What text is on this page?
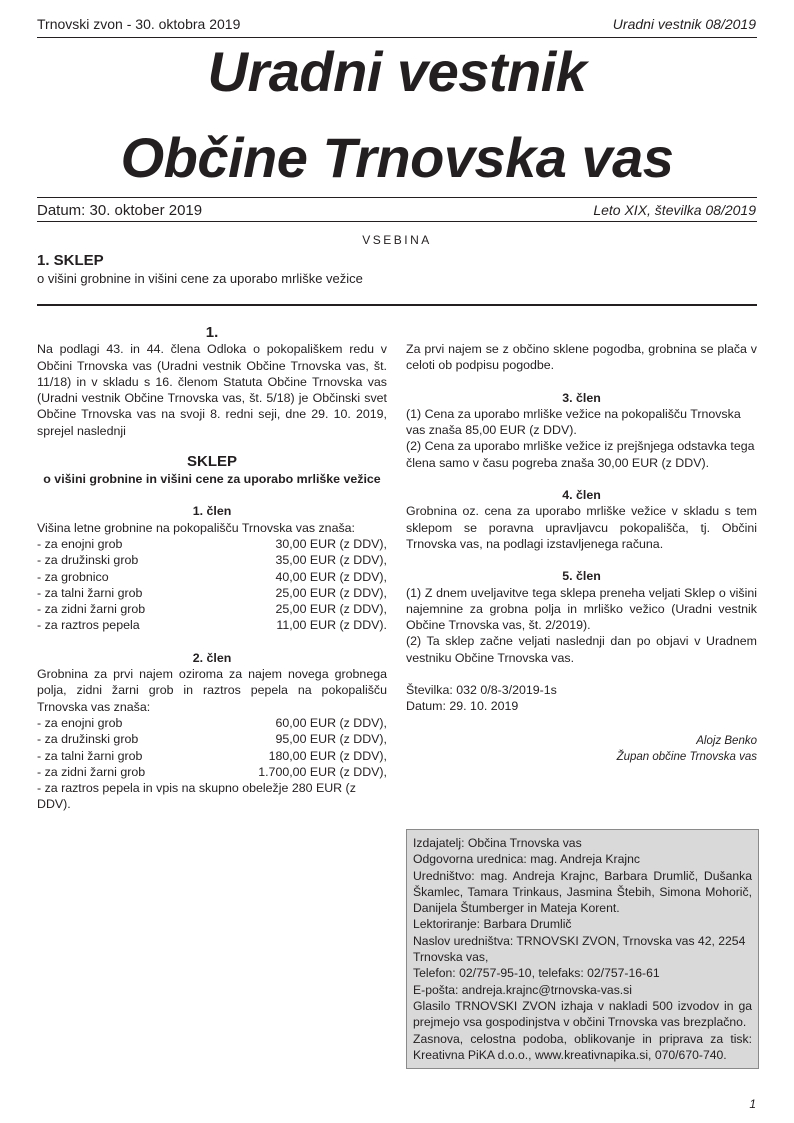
Trnovski zvon - 30. oktobra 2019	Uradni vestnik 08/2019
Uradni vestnik
Občine Trnovska vas
Datum: 30. oktober 2019	Leto XIX, številka 08/2019
VSEBINA
1. SKLEP
o višini grobnine in višini cene za uporabo mrliške vežice

1.

Na podlagi 43. in 44. člena Odloka o pokopališkem redu v Občini Trnovska vas (Uradni vestnik Občine Trnovska vas, št. 11/18) in v skladu s 16. členom Statuta Občine Trnovska vas (Uradni vestnik Občine Trnovska vas, št. 5/18) je Občinski svet Občine Trnovska vas na svoji 8. redni seji, dne 29. 10. 2019, sprejel naslednji

SKLEP

o višini grobnine in višini cene za uporabo mrliške vežice

1. člen

Višina letne grobnine na pokopališču Trnovska vas znaša:

- za enojni grob	30,00 EUR (z DDV),
- za družinski grob	35,00 EUR (z DDV),
- za grobnico	40,00 EUR (z DDV),
- za talni žarni grob	25,00 EUR (z DDV),
- za zidni žarni grob	25,00 EUR (z DDV),
- za raztros pepela	11,00 EUR (z DDV).

2. člen

Grobnina za prvi najem oziroma za najem novega grobnega polja, zidni žarni grob in raztros pepela na pokopališču Trnovska vas znaša:

- za enojni grob	60,00 EUR (z DDV),
- za družinski grob	95,00 EUR (z DDV),
- za talni žarni grob	180,00 EUR (z DDV),
- za zidni žarni grob	1.700,00 EUR (z DDV),

- za raztros pepela in vpis na skupno obeležje 280 EUR (z DDV).

Za prvi najem se z občino sklene pogodba, grobnina se plača v celoti ob podpisu pogodbe.

3. člen

(1) Cena za uporabo mrliške vežice na pokopališču Trnovska vas znaša 85,00 EUR (z DDV).

(2) Cena za uporabo mrliške vežice iz prejšnjega odstavka tega člena samo v času pogreba znaša 30,00 EUR (z DDV).

4. člen

Grobnina oz. cena za uporabo mrliške vežice v skladu s tem sklepom se poravna upravljavcu pokopališča, tj. Občini Trnovska vas, na podlagi izstavljenega računa.

5. člen

(1) Z dnem uveljavitve tega sklepa preneha veljati Sklep o višini najemnine za grobna polja in mrliško vežico (Uradni vestnik Občine Trnovska vas, št. 2/2019).

(2) Ta sklep začne veljati naslednji dan po objavi v Uradnem vestniku Občine Trnovska vas.

Številka: 032 0/8-3/2019-1s

Datum: 29. 10. 2019

Alojz Benko

Župan občine Trnovska vas

Izdajatelj: Občina Trnovska vas

Odgovorna urednica: mag. Andreja Krajnc

Uredništvo: mag. Andreja Krajnc, Barbara Drumlič, Dušanka Škamlec, Tamara Trinkaus, Jasmina Štebih, Simona Mohorič, Danijela Štumberger in Mateja Korent.

Lektoriranje: Barbara Drumlič

Naslov uredništva: TRNOVSKI ZVON, Trnovska vas 42, 2254 Trnovska vas,

Telefon: 02/757-95-10, telefaks: 02/757-16-61

E-pošta: andreja.krajnc@trnovska-vas.si

Glasilo TRNOVSKI ZVON izhaja v nakladi 500 izvodov in ga prejmejo vsa gospodinjstva v občini Trnovska vas brezplačno.

Zasnova, celostna podoba, oblikovanje in priprava za tisk: Kreativna PiKA d.o.o., www.kreativnapika.si, 070/670-740.

1
